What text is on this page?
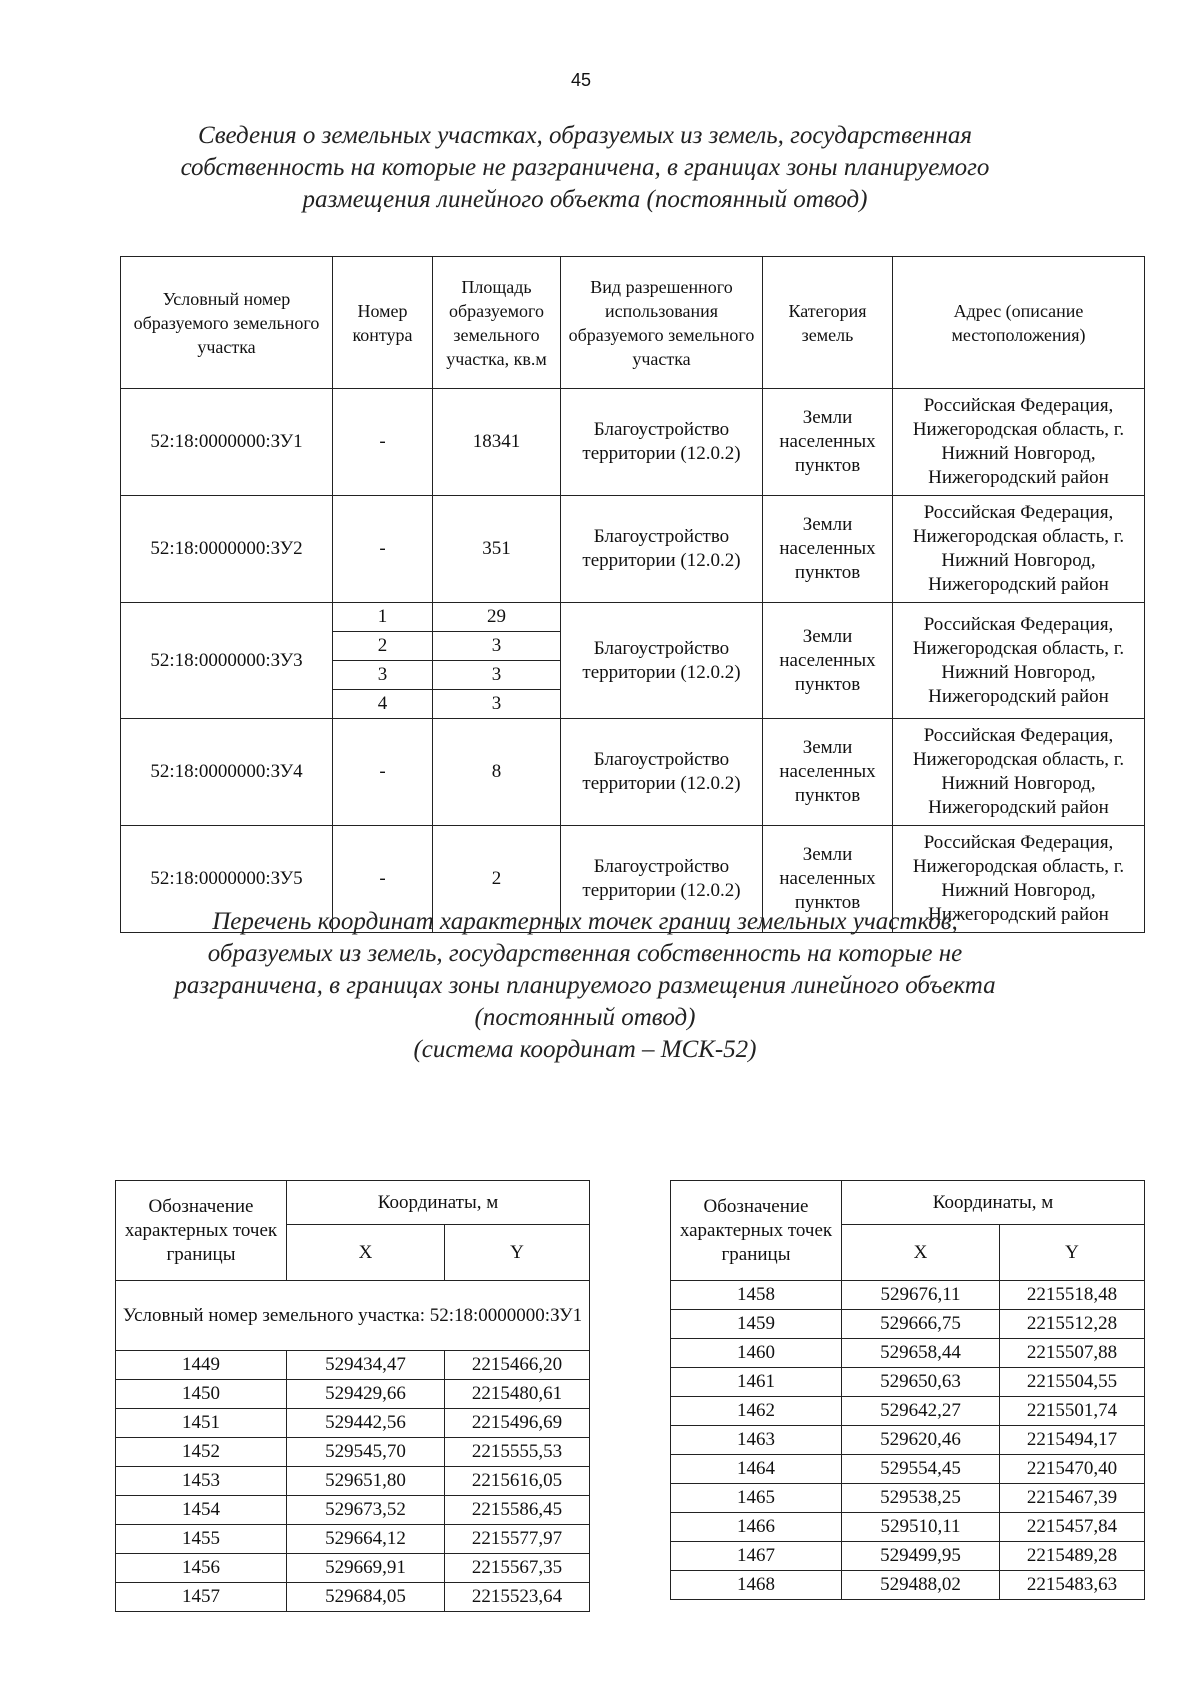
45
Сведения о земельных участках, образуемых из земель, государственная
собственность на которые не разграничена, в границах зоны планируемого
размещения линейного объекта (постоянный отвод)
Условный номер образуемого земельного участка	Номер контура	Площадь образуемого земельного участка, кв.м	Вид разрешенного использования образуемого земельного участка	Категория земель	Адрес (описание местоположения)
52:18:0000000:ЗУ1	-	18341	Благоустройство территории (12.0.2)	Земли населенных пунктов	Российская Федерация, Нижегородская область, г. Нижний Новгород, Нижегородский район
52:18:0000000:ЗУ2	-	351	Благоустройство территории (12.0.2)	Земли населенных пунктов	Российская Федерация, Нижегородская область, г. Нижний Новгород, Нижегородский район
52:18:0000000:ЗУ3	1	29	Благоустройство территории (12.0.2)	Земли населенных пунктов	Российская Федерация, Нижегородская область, г. Нижний Новгород, Нижегородский район
	2	3			
	3	3			
	4	3			
52:18:0000000:ЗУ4	-	8	Благоустройство территории (12.0.2)	Земли населенных пунктов	Российская Федерация, Нижегородская область, г. Нижний Новгород, Нижегородский район
52:18:0000000:ЗУ5	-	2	Благоустройство территории (12.0.2)	Земли населенных пунктов	Российская Федерация, Нижегородская область, г. Нижний Новгород, Нижегородский район
Перечень координат характерных точек границ земельных участков,
образуемых из земель, государственная собственность на которые не
разграничена, в границах зоны планируемого размещения линейного объекта
(постоянный отвод)
(система координат – МСК-52)
Обозначение характерных точек границы	Координаты, м	
	X	Y
Условный номер земельного участка: 52:18:0000000:ЗУ1		
1449	529434,47	2215466,20
1450	529429,66	2215480,61
1451	529442,56	2215496,69
1452	529545,70	2215555,53
1453	529651,80	2215616,05
1454	529673,52	2215586,45
1455	529664,12	2215577,97
1456	529669,91	2215567,35
1457	529684,05	2215523,64
Обозначение характерных точек границы	Координаты, м	
	X	Y
1458	529676,11	2215518,48
1459	529666,75	2215512,28
1460	529658,44	2215507,88
1461	529650,63	2215504,55
1462	529642,27	2215501,74
1463	529620,46	2215494,17
1464	529554,45	2215470,40
1465	529538,25	2215467,39
1466	529510,11	2215457,84
1467	529499,95	2215489,28
1468	529488,02	2215483,63
